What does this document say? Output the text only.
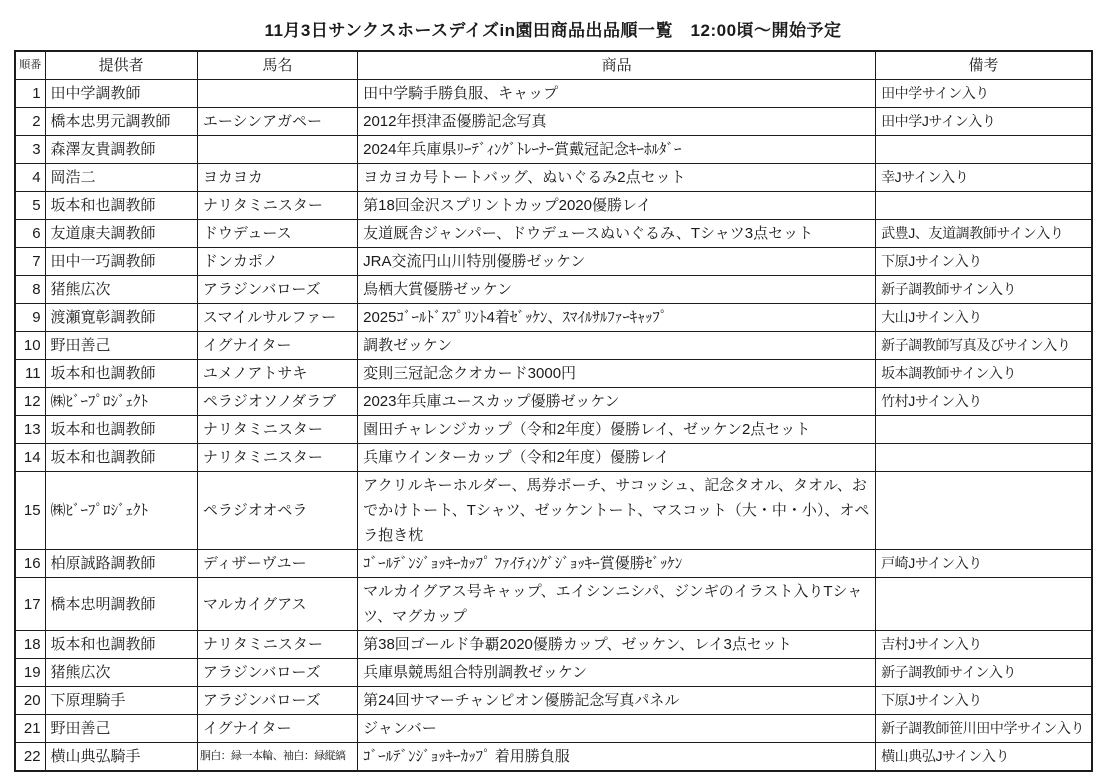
11月3日サンクスホースデイズin園田商品出品順一覧　12:00頃～開始予定
順番	提供者	馬名	商品	備考
1	田中学調教師		田中学騎手勝負服、キャップ	田中学サイン入り
2	橋本忠男元調教師	エーシンアガペー	2012年摂津盃優勝記念写真	田中学Jサイン入り
3	森澤友貴調教師		2024年兵庫県ﾘｰﾃﾞｨﾝｸﾞﾄﾚｰﾅｰ賞戴冠記念ｷｰﾎﾙﾀﾞｰ	
4	岡浩二	ヨカヨカ	ヨカヨカ号トートバッグ、ぬいぐるみ2点セット	幸Jサイン入り
5	坂本和也調教師	ナリタミニスター	第18回金沢スプリントカップ2020優勝レイ	
6	友道康夫調教師	ドウデュース	友道厩舎ジャンパー、ドウデュースぬいぐるみ、Tシャツ3点セット	武豊J、友道調教師サイン入り
7	田中一巧調教師	ドンカポノ	JRA交流円山川特別優勝ゼッケン	下原Jサイン入り
8	猪熊広次	アラジンバローズ	鳥栖大賞優勝ゼッケン	新子調教師サイン入り
9	渡瀬寛彰調教師	スマイルサルファー	2025ｺﾞｰﾙﾄﾞｽﾌﾟﾘﾝﾄ4着ｾﾞｯｹﾝ、ｽﾏｲﾙｻﾙﾌｧｰｷｬｯﾌﾟ	大山Jサイン入り
10	野田善己	イグナイター	調教ゼッケン	新子調教師写真及びサイン入り
11	坂本和也調教師	ユメノアトサキ	変則三冠記念クオカード3000円	坂本調教師サイン入り
12	㈱ﾋﾞｰﾌﾟﾛｼﾞｪｸﾄ	ペラジオソノダラブ	2023年兵庫ユースカップ優勝ゼッケン	竹村Jサイン入り
13	坂本和也調教師	ナリタミニスター	園田チャレンジカップ（令和2年度）優勝レイ、ゼッケン2点セット	
14	坂本和也調教師	ナリタミニスター	兵庫ウインターカップ（令和2年度）優勝レイ	
15	㈱ﾋﾞｰﾌﾟﾛｼﾞｪｸﾄ	ペラジオオペラ	アクリルキーホルダー、馬券ポーチ、サコッシュ、記念タオル、タオル、おでかけトート、Tシャツ、ゼッケントート、マスコット（大・中・小）、オペラ抱き枕	
16	柏原誠路調教師	ディザーヴユー	ｺﾞｰﾙﾃﾞﾝｼﾞｮｯｷｰｶｯﾌﾟ ﾌｧｲﾃｨﾝｸﾞｼﾞｮｯｷｰ賞優勝ｾﾞｯｹﾝ	戸崎Jサイン入り
17	橋本忠明調教師	マルカイグアス	マルカイグアス号キャップ、エイシンニシパ、ジンギのイラスト入りTシャツ、マグカップ	
18	坂本和也調教師	ナリタミニスター	第38回ゴールド争覇2020優勝カップ、ゼッケン、レイ3点セット	吉村Jサイン入り
19	猪熊広次	アラジンバローズ	兵庫県競馬組合特別調教ゼッケン	新子調教師サイン入り
20	下原理騎手	アラジンバローズ	第24回サマーチャンピオン優勝記念写真パネル	下原Jサイン入り
21	野田善己	イグナイター	ジャンバー	新子調教師笹川田中学サイン入り
22	横山典弘騎手	胴白：緑一本輪、袖白：緑縦縞	ｺﾞｰﾙﾃﾞﾝｼﾞｮｯｷｰｶｯﾌﾟ 着用勝負服	横山典弘Jサイン入り
